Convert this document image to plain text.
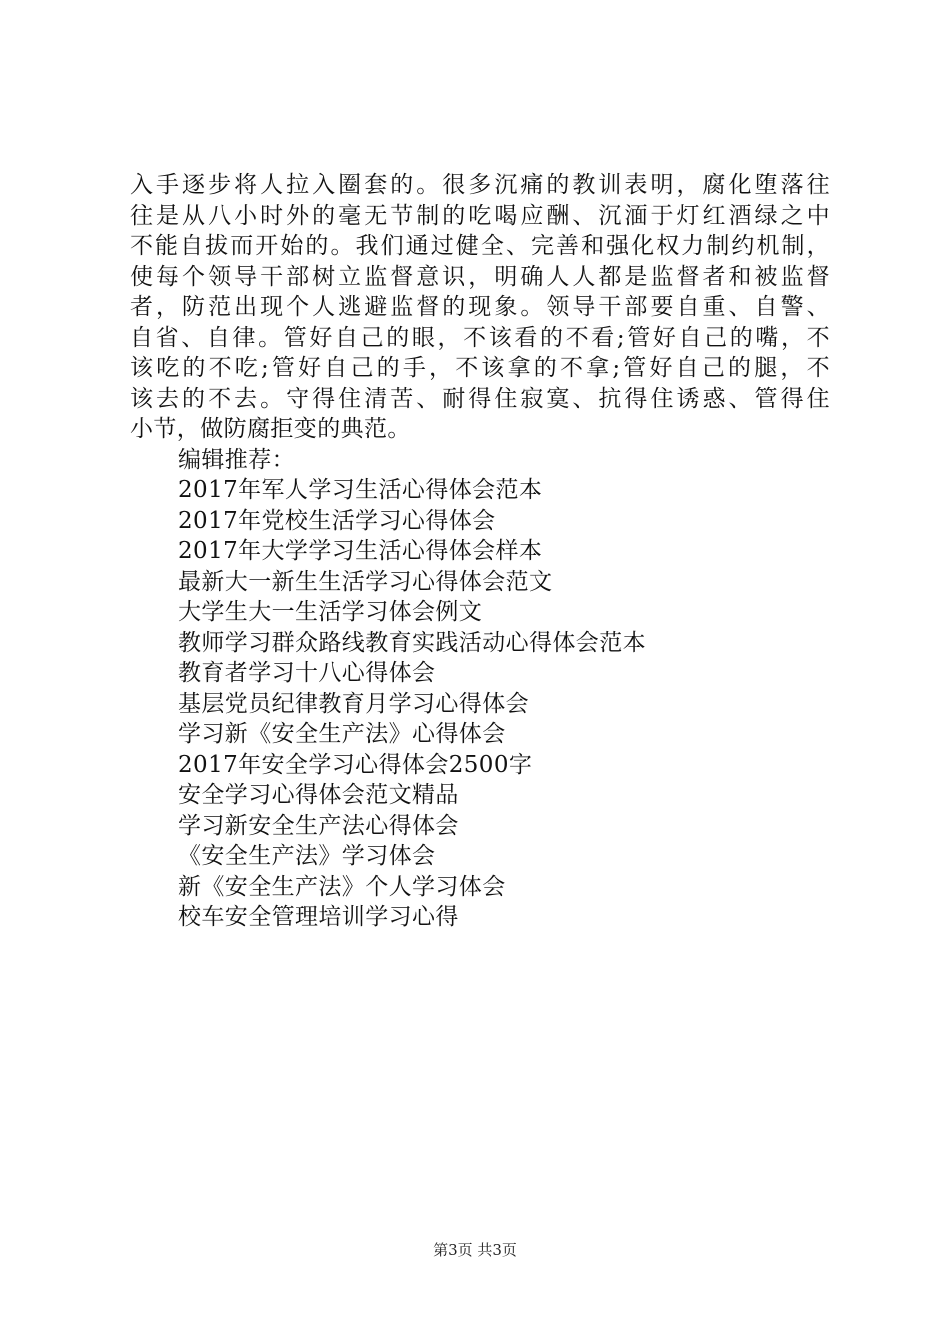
入手逐步将人拉入圈套的。很多沉痛的教训表明，腐化堕落往
往是从八小时外的毫无节制的吃喝应酬、沉湎于灯红酒绿之中
不能自拔而开始的。我们通过健全、完善和强化权力制约机制，
使每个领导干部树立监督意识，明确人人都是监督者和被监督
者，防范出现个人逃避监督的现象。领导干部要自重、自警、
自省、自律。管好自己的眼，不该看的不看;管好自己的嘴，不
该吃的不吃;管好自己的手，不该拿的不拿;管好自己的腿，不
该去的不去。守得住清苦、耐得住寂寞、抗得住诱惑、管得住
小节，做防腐拒变的典范。
编辑推荐：
2017年军人学习生活心得体会范本
2017年党校生活学习心得体会
2017年大学学习生活心得体会样本
最新大一新生生活学习心得体会范文
大学生大一生活学习体会例文
教师学习群众路线教育实践活动心得体会范本
教育者学习十八心得体会
基层党员纪律教育月学习心得体会
学习新《安全生产法》心得体会
2017年安全学习心得体会2500字
安全学习心得体会范文精品
学习新安全生产法心得体会
《安全生产法》学习体会
新《安全生产法》个人学习体会
校车安全管理培训学习心得
第3页 共3页
